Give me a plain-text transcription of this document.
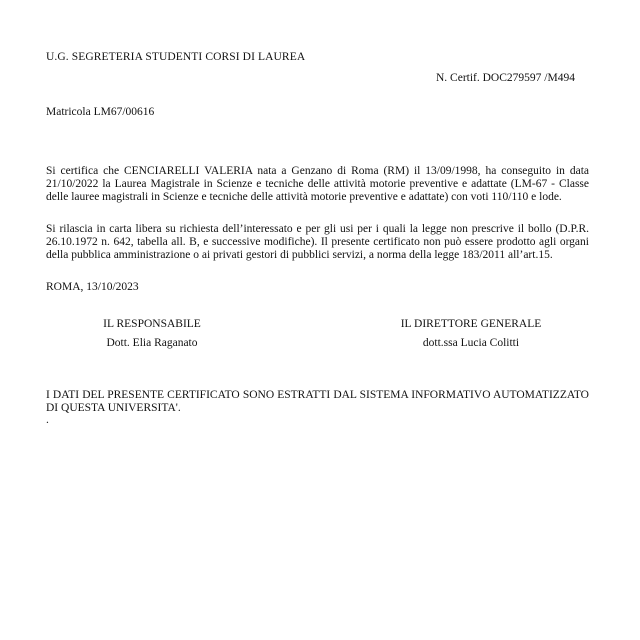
U.G. SEGRETERIA STUDENTI CORSI DI LAUREA
N. Certif. DOC279597 /M494
Matricola LM67/00616
Si certifica che CENCIARELLI VALERIA nata a Genzano di Roma (RM) il 13/09/1998, ha conseguito in data 21/10/2022 la Laurea Magistrale in Scienze e tecniche delle attività motorie preventive e adattate (LM-67 - Classe delle lauree magistrali in Scienze e tecniche delle attività motorie preventive e adattate) con voti 110/110 e lode.
Si rilascia in carta libera su richiesta dell’interessato e per gli usi per i quali la legge non prescrive il bollo (D.P.R. 26.10.1972 n. 642, tabella all. B, e successive modifiche). Il presente certificato non può essere prodotto agli organi della pubblica amministrazione o ai privati gestori di pubblici servizi, a norma della legge 183/2011 all’art.15.
ROMA, 13/10/2023
IL RESPONSABILE
Dott. Elia Raganato
IL DIRETTORE GENERALE
dott.ssa Lucia Colitti
I DATI DEL PRESENTE CERTIFICATO SONO ESTRATTI DAL SISTEMA INFORMATIVO AUTOMATIZZATO DI QUESTA UNIVERSITA'.
.
